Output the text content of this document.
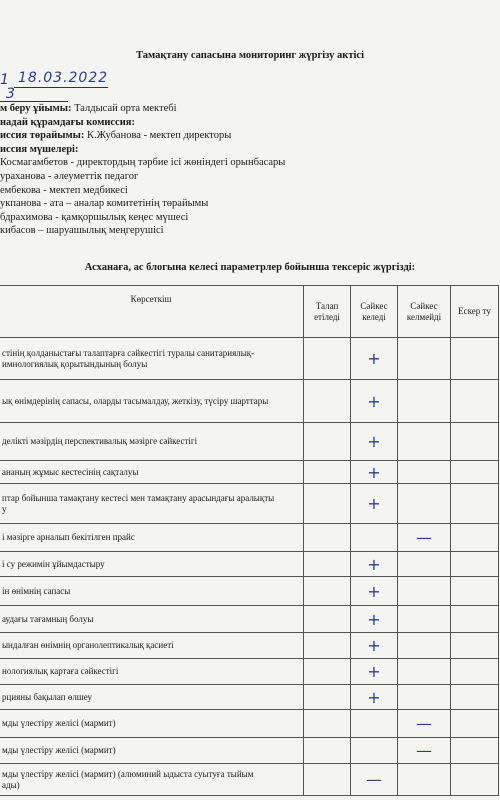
Тамақтану сапасына мониторинг жүргізу актісі
1 18.03.2022
3
м беру ұйымы: Талдысай орта мектебі
надай құрамдағы комиссия:
иссия төрайымы: К.Жубанова - мектеп директоры
иссия мүшелері:
Космагамбетов - директордың тәрбие ісі жөніндегі орынбасары
ураханова - әлеуметтік педагог
ембекова - мектеп медбикесі
укпанова - ата – аналар комитетінің төрайымы
бдрахимова - қамқоршылық кеңес мүшесі
кибасов – шаруашылық меңгерушісі
Асханаға, ас блогына келесі параметрлер бойынша тексеріс жүргізді:
Көрсеткіш	Талап етіледі	Сәйкес келеді	Сәйкес келмейді	Ескер ту
стінің қолданыстағы талаптарға сәйкестігі туралы санитариялық-
имнологиялық қорытындының болуы		+		
ық өнімдерінің сапасы, оларды тасымалдау, жеткізу, түсіру шарттары		+		
делікті мәзірдің перспективалық мәзірге сәйкестігі		+		
ананың жұмыс кестесінің сақталуы		+		
птар бойынша тамақтану кестесі мен тамақтану арасындағы аралықты
у		+		
і мәзірге арналып бекітілген прайс			—	
і су режимін ұйымдастыру		+		
ін өнімнің сапасы		+		
аудағы тағамның болуы		+		
ындалған өнімнің органолептикалық қасиеті		+		
нологиялық картаға сәйкестігі		+		
рцияны бақылап өлшеу		+		
мды үлестіру желісі (мармит)			—	
мды үлестіру желісі (мармит)			—	
мды үлестіру желісі (мармит) (алюминий ыдыста суытуға тыйым
ады)		—		
